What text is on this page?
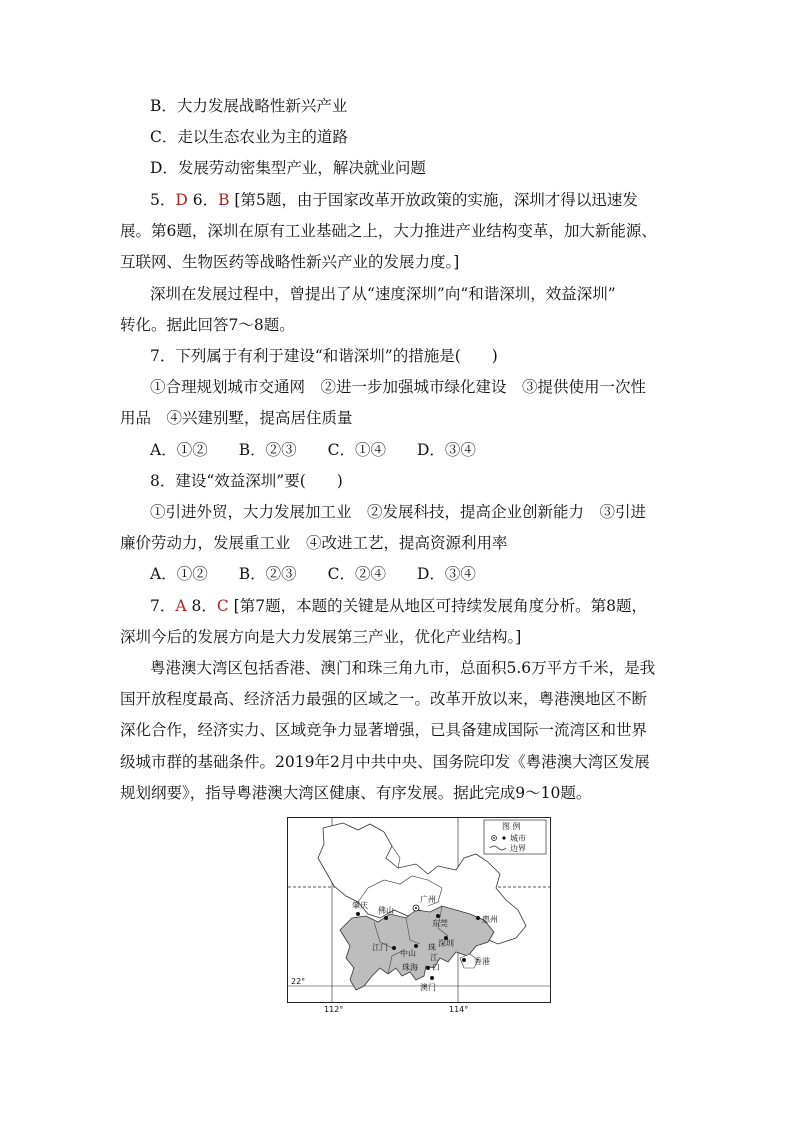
B．大力发展战略性新兴产业
C．走以生态农业为主的道路
D．发展劳动密集型产业，解决就业问题
5．D 6．B [第5题，由于国家改革开放政策的实施，深圳才得以迅速发
展。第6题，深圳在原有工业基础之上，大力推进产业结构变革，加大新能源、
互联网、生物医药等战略性新兴产业的发展力度。]
深圳在发展过程中，曾提出了从“速度深圳”向“和谐深圳，效益深圳”
转化。据此回答7～8题。
7．下列属于有利于建设“和谐深圳”的措施是(　　)
①合理规划城市交通网　②进一步加强城市绿化建设　③提供使用一次性
用品　④兴建别墅，提高居住质量
A．①②　　B．②③　　C．①④　　D．③④
8．建设“效益深圳”要(　　)
①引进外贸，大力发展加工业　②发展科技，提高企业创新能力　③引进
廉价劳动力，发展重工业　④改进工艺，提高资源利用率
A．①②　　B．②③　　C．②④　　D．③④
7．A 8．C [第7题，本题的关键是从地区可持续发展角度分析。第8题，
深圳今后的发展方向是大力发展第三产业，优化产业结构。]
粤港澳大湾区包括香港、澳门和珠三角九市，总面积5.6万平方千米，是我
国开放程度最高、经济活力最强的区域之一。改革开放以来，粤港澳地区不断
深化合作，经济实力、区域竞争力显著增强，已具备建成国际一流湾区和世界
级城市群的基础条件。2019年2月中共中央、国务院印发《粤港澳大湾区发展
规划纲要》，指导粤港澳大湾区健康、有序发展。据此完成9～10题。
肇庆
佛山
广州
东莞	惠州
江门
中山
深圳
珠
江
口
珠海
香港
澳门
图 例
城市
边界
22°
112°	114°
